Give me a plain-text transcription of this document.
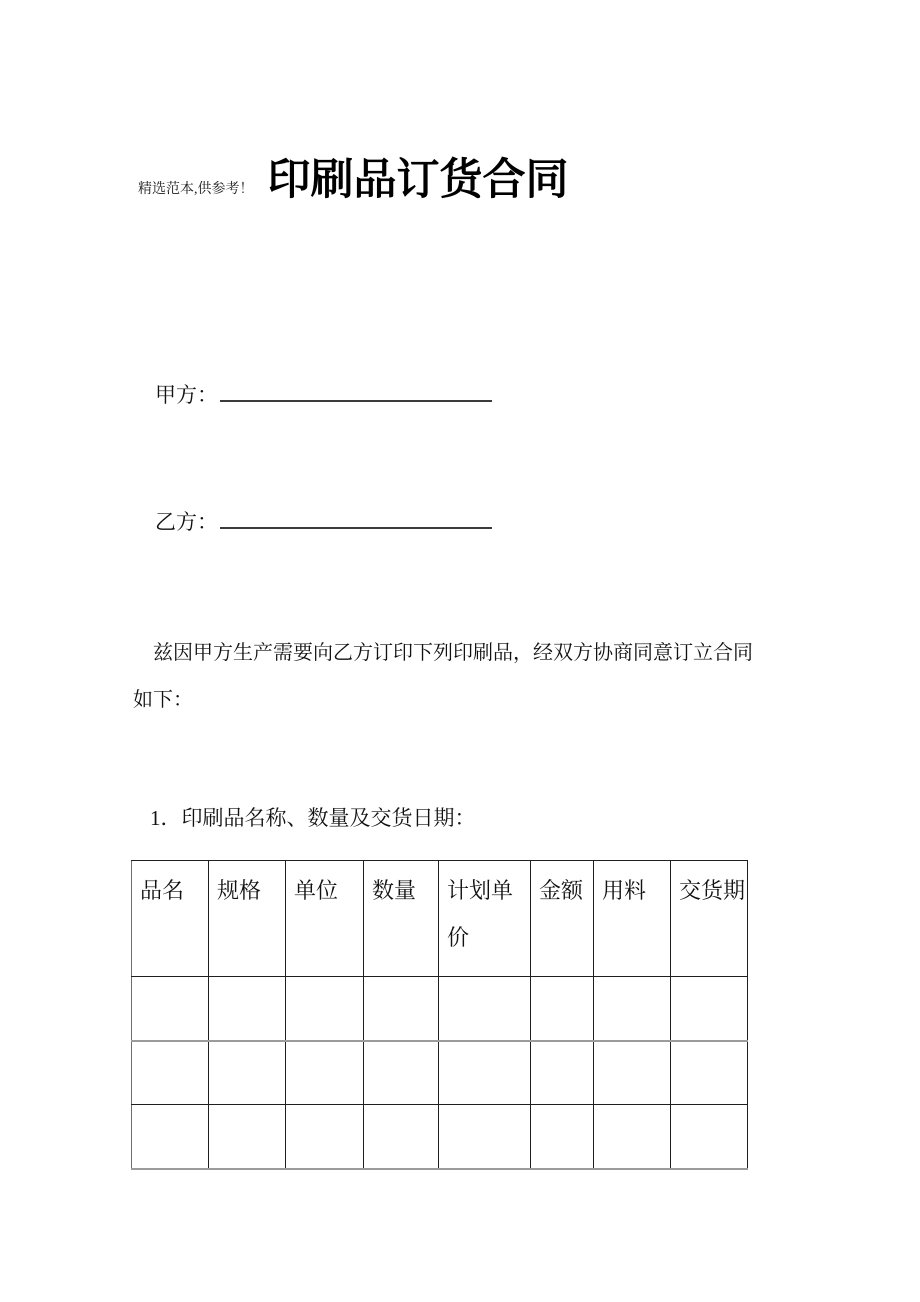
精选范本,供参考！ 印刷品订货合同
甲方：
乙方：

兹因甲方生产需要向乙方订印下列印刷品，经双方协商同意订立合同如下：

1．印刷品名称、数量及交货日期：
品名	规格	单位	数量	计划单价	金额	用料	交货期
